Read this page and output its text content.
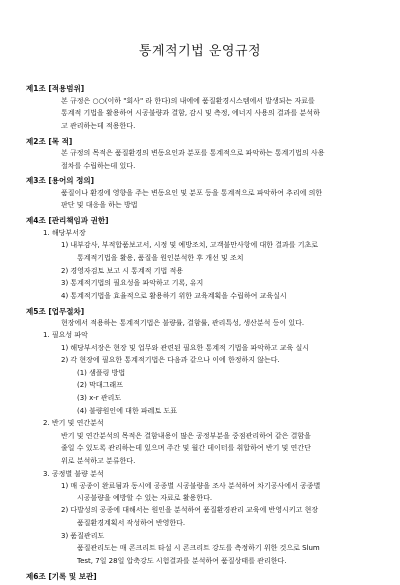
통계적기법 운영규정
제1조 [적용범위]
본 규정은 ○○(이하 "회사" 라 한다)의 내에에 품질환경시스템에서 발생되는 자료를
통계적 기법을 활용하여 시공불량과 결함, 감시 및 측정, 에너지 사용의 결과를 분석하
고 관리하는데 적용한다.
제2조 [목 적]
본 규정의 목적은 품질환경의 변동요인과 분포를 통계적으로 파악하는 통계기법의 사용
절차를 수립하는데 있다.
제3조 [용어의 정의]
품질이나 환경에 영향을 주는 변동요인 및 분포 등을 통계적으로 파악하여 추리에 의한
판단 및 대응을 하는 방법
제4조 [관리책임과 권한]
1. 해당부서장
1) 내부감사, 부적합품보고서, 시정 및 예방조치, 고객불만사항에 대한 결과를 기초로
통계적기법을 활용, 품질을 원인분석한 후 개선 및 조치
2) 경영자검토 보고 시 통계적 기법 적용
3) 통계적기법의 필요성을 파악하고 기록, 유지
4) 통계적기법을 효율적으로 활용하기 위한 교육계획을 수립하여 교육실시
제5조 [업무절차]
현장에서 적용하는 통계적기법은 불량률, 결함률, 관리특성, 생산분석 등이 있다.
1. 필요성 파악
1) 해당부서장은 현장 및 업무와 관련된 필요한 통계적 기법을 파악하고 교육 실시
2) 각 현장에 필요한 통계적기법은 다음과 같으나 이에 한정하지 않는다.
(1) 샘플링 방법
(2) 막대그래프
(3) x-r 관리도
(4) 불량원인에 대한 파레토 도표
2. 반기 및 연간분석
반기 및 연간분석의 목적은 결함내용이 많은 공정부분을 중점관리하여 같은 결함을
줄일 수 있도록 관리하는데 있으며 주간 및 월간 데이터를 취합하여 반기 및 연간단
위로 분석하고 분류한다.
3. 공정별 불량 분석
1) 매 공종이 완료됨과 동시에 공종별 시공불량을 조사 분석하여 차기공사에서 공종별
시공불량을 예방할 수 있는 자료로 활용한다.
2) 다발성의 공종에 대해서는 원인을 분석하여 품질환경관리 교육에 반영시키고 현장
품질환경계획서 작성하여 반영한다.
3) 품질관리도
품질관리도는 매 콘크리트 타설 시 콘크리트 강도를 측정하기 위한 것으로 Slum
Test, 7일 28일 압축강도 시험결과를 분석하여 품질상태를 관리한다.
제6조 [기록 및 보관]
